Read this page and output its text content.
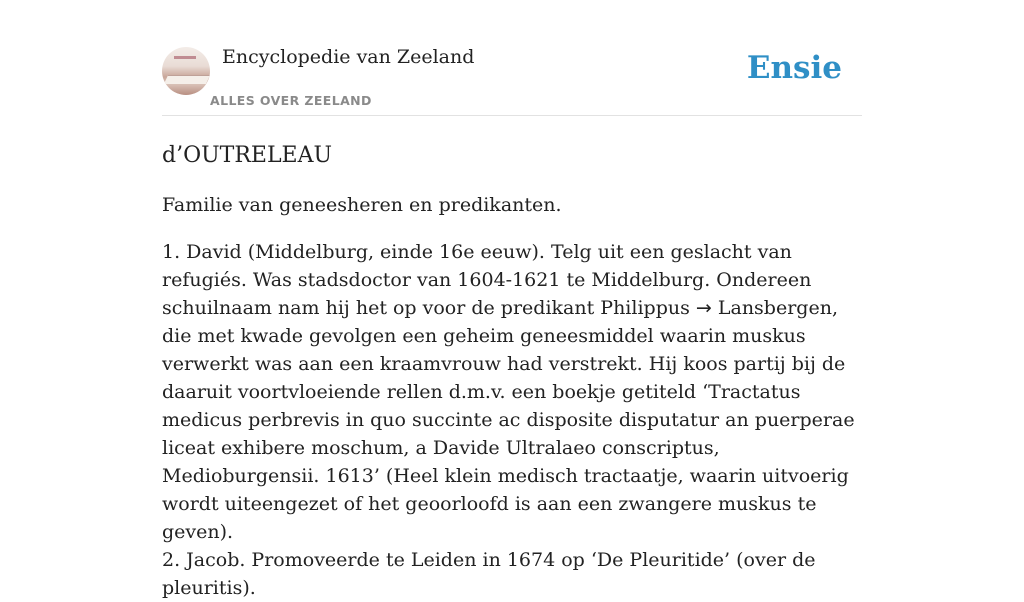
Encyclopedie van Zeeland
ALLES OVER ZEELAND
Ensie
d’OUTRELEAU

Familie van geneesheren en predikanten.

1. David (Middelburg, einde 16e eeuw). Telg uit een geslacht van refugiés. Was stadsdoctor van 1604-1621 te Middelburg. Ondereen schuilnaam nam hij het op voor de predikant Philippus → Lansbergen, die met kwade gevolgen een geheim geneesmiddel waarin muskus verwerkt was aan een kraamvrouw had verstrekt. Hij koos partij bij de daaruit voortvloeiende rellen d.m.v. een boekje getiteld ‘Tractatus medicus perbrevis in quo succinte ac disposite disputatur an puerperae liceat exhibere moschum, a Davide Ultralaeo conscriptus, Medioburgensii. 1613’ (Heel klein medisch tractaatje, waarin uitvoerig wordt uiteengezet of het geoorloofd is aan een zwangere muskus te geven).

2. Jacob. Promoveerde te Leiden in 1674 op ‘De Pleuritide’ (over de pleuritis).
